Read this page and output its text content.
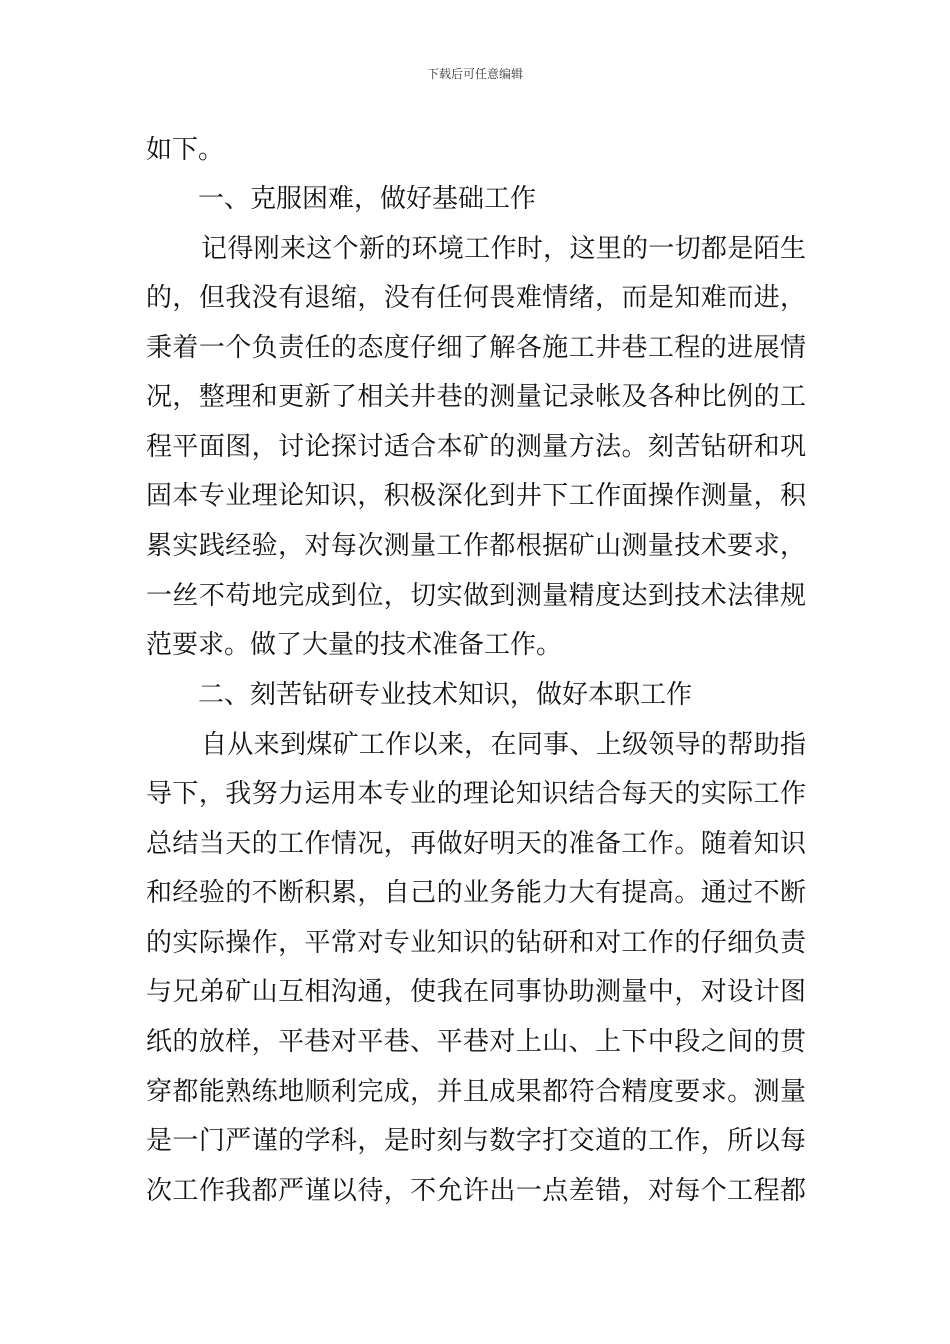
下载后可任意编辑
如下。
一、克服困难，做好基础工作
记得刚来这个新的环境工作时，这里的一切都是陌生
的，但我没有退缩，没有任何畏难情绪，而是知难而进，
秉着一个负责任的态度仔细了解各施工井巷工程的进展情
况，整理和更新了相关井巷的测量记录帐及各种比例的工
程平面图，讨论探讨适合本矿的测量方法。刻苦钻研和巩
固本专业理论知识，积极深化到井下工作面操作测量，积
累实践经验，对每次测量工作都根据矿山测量技术要求，
一丝不苟地完成到位，切实做到测量精度达到技术法律规
范要求。做了大量的技术准备工作。
二、刻苦钻研专业技术知识，做好本职工作
自从来到煤矿工作以来，在同事、上级领导的帮助指
导下，我努力运用本专业的理论知识结合每天的实际工作
总结当天的工作情况，再做好明天的准备工作。随着知识
和经验的不断积累，自己的业务能力大有提高。通过不断
的实际操作，平常对专业知识的钻研和对工作的仔细负责
与兄弟矿山互相沟通，使我在同事协助测量中，对设计图
纸的放样，平巷对平巷、平巷对上山、上下中段之间的贯
穿都能熟练地顺利完成，并且成果都符合精度要求。测量
是一门严谨的学科，是时刻与数字打交道的工作，所以每
次工作我都严谨以待，不允许出一点差错，对每个工程都
